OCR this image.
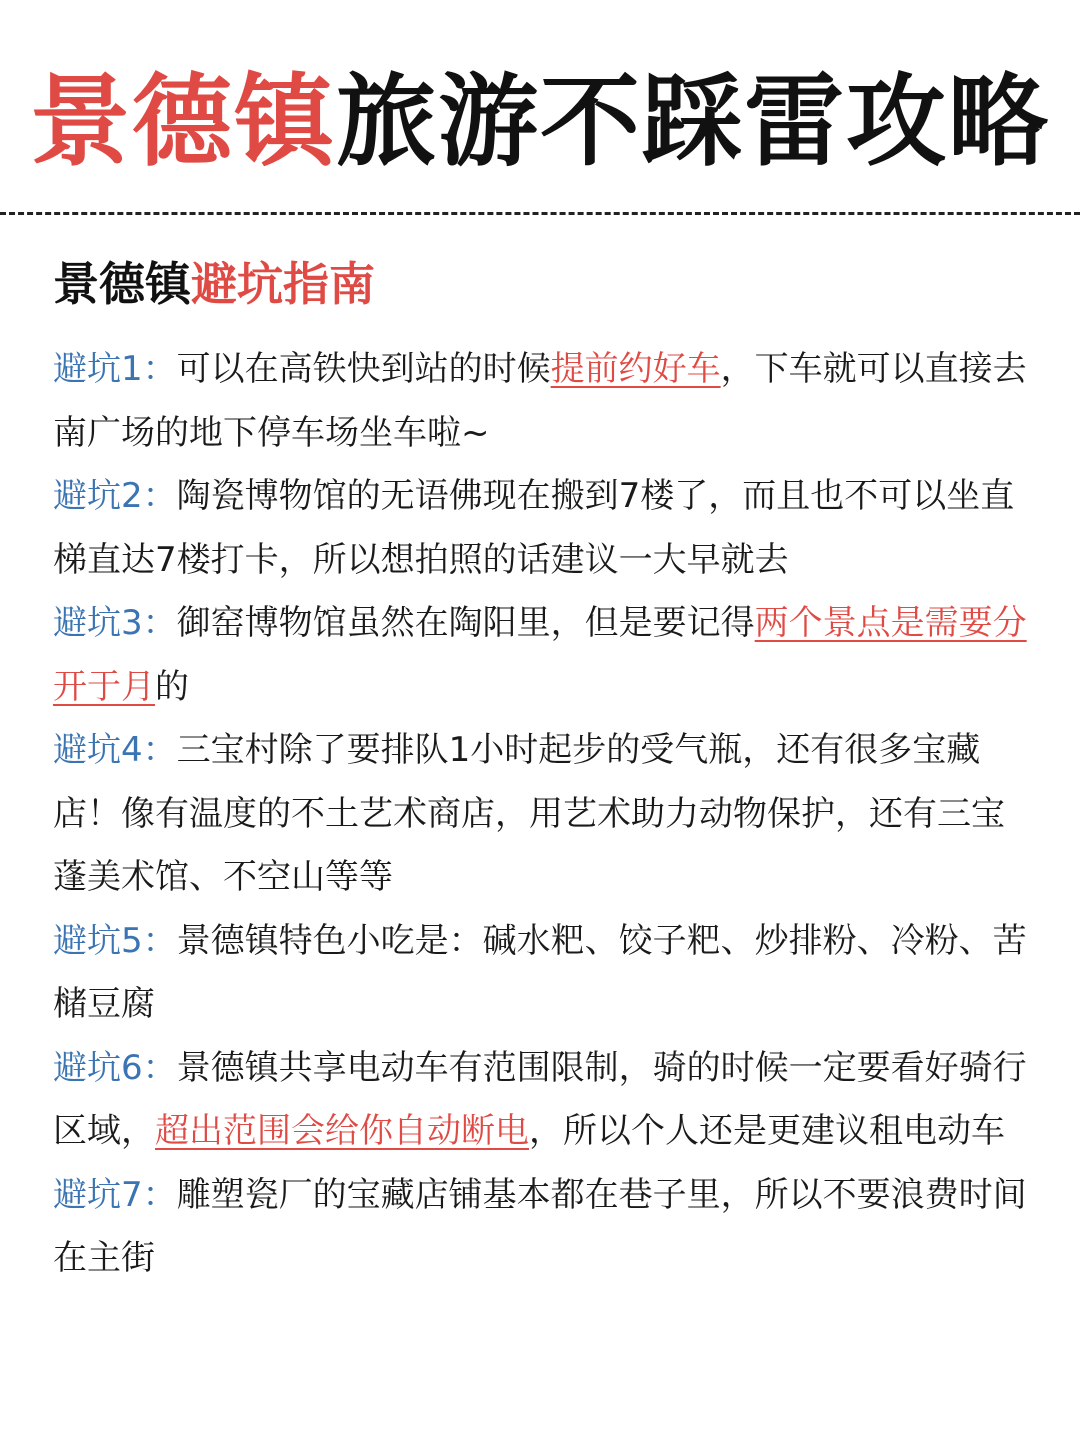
景德镇旅游不踩雷攻略
景德镇避坑指南

避坑1：可以在高铁快到站的时候提前约好车，下车就可以直接去南广场的地下停车场坐车啦~

避坑2：陶瓷博物馆的无语佛现在搬到7楼了，而且也不可以坐直梯直达7楼打卡，所以想拍照的话建议一大早就去

避坑3：御窑博物馆虽然在陶阳里，但是要记得两个景点是需要分开于月的

避坑4：三宝村除了要排队1小时起步的受气瓶，还有很多宝藏店！像有温度的不土艺术商店，用艺术助力动物保护，还有三宝蓬美术馆、不空山等等

避坑5：景德镇特色小吃是：碱水粑、饺子粑、炒排粉、冷粉、苦槠豆腐

避坑6：景德镇共享电动车有范围限制，骑的时候一定要看好骑行区域，超出范围会给你自动断电，所以个人还是更建议租电动车

避坑7：雕塑瓷厂的宝藏店铺基本都在巷子里，所以不要浪费时间在主街
